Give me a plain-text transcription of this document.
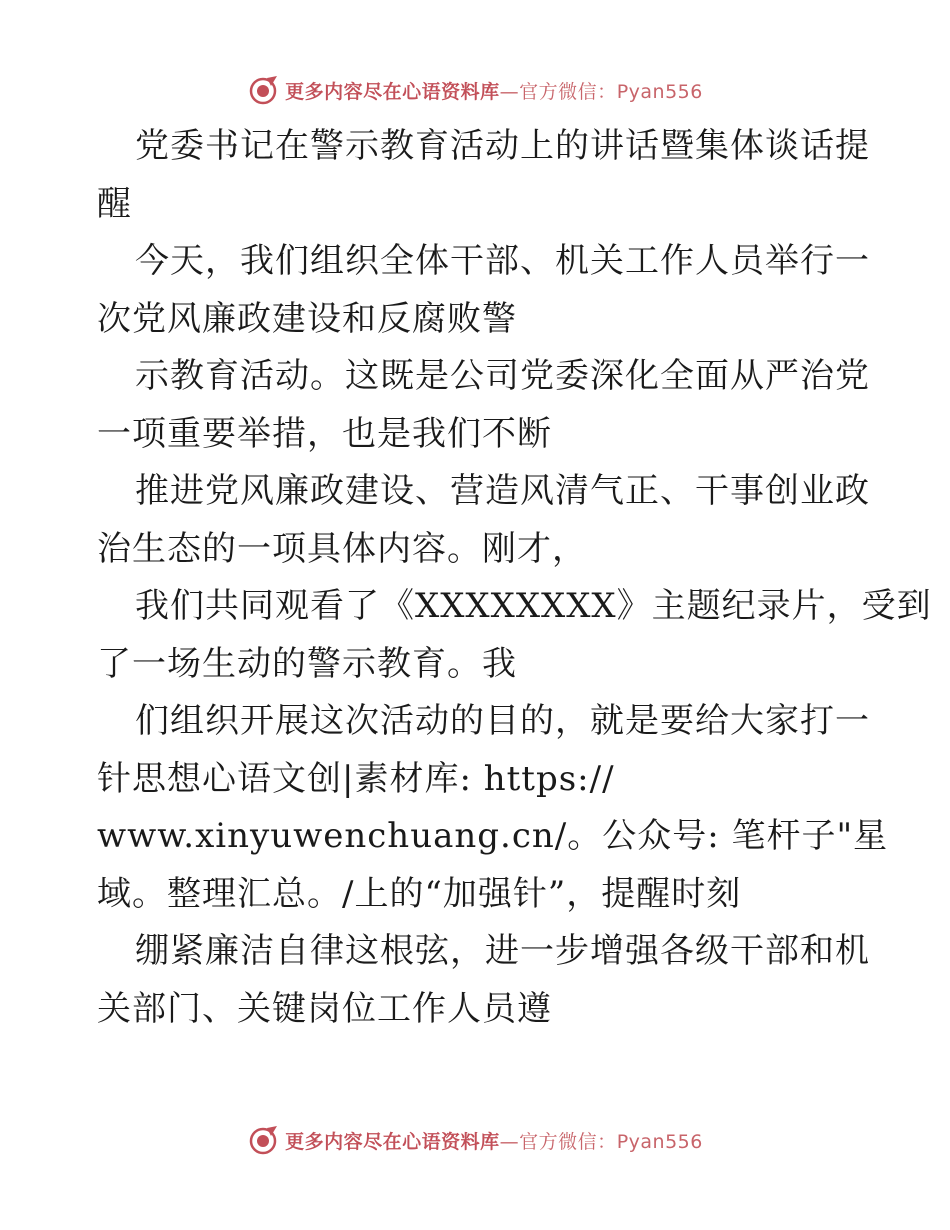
更多内容尽在心语资料库—官方微信：Pyan556
党委书记在警示教育活动上的讲话暨集体谈话提
醒
今天，我们组织全体干部、机关工作人员举行一
次党风廉政建设和反腐败警
示教育活动。这既是公司党委深化全面从严治党
一项重要举措，也是我们不断
推进党风廉政建设、营造风清气正、干事创业政
治生态的一项具体内容。刚才，
我们共同观看了《XXXXXXXX》主题纪录片，受到
了一场生动的警示教育。我
们组织开展这次活动的目的，就是要给大家打一
针思想心语文创|素材库: https://
www.xinyuwenchuang.cn/。公众号: 笔杆子"星
域。整理汇总。/上的“加强针”，提醒时刻
绷紧廉洁自律这根弦，进一步增强各级干部和机
关部门、关键岗位工作人员遵
更多内容尽在心语资料库—官方微信：Pyan556
